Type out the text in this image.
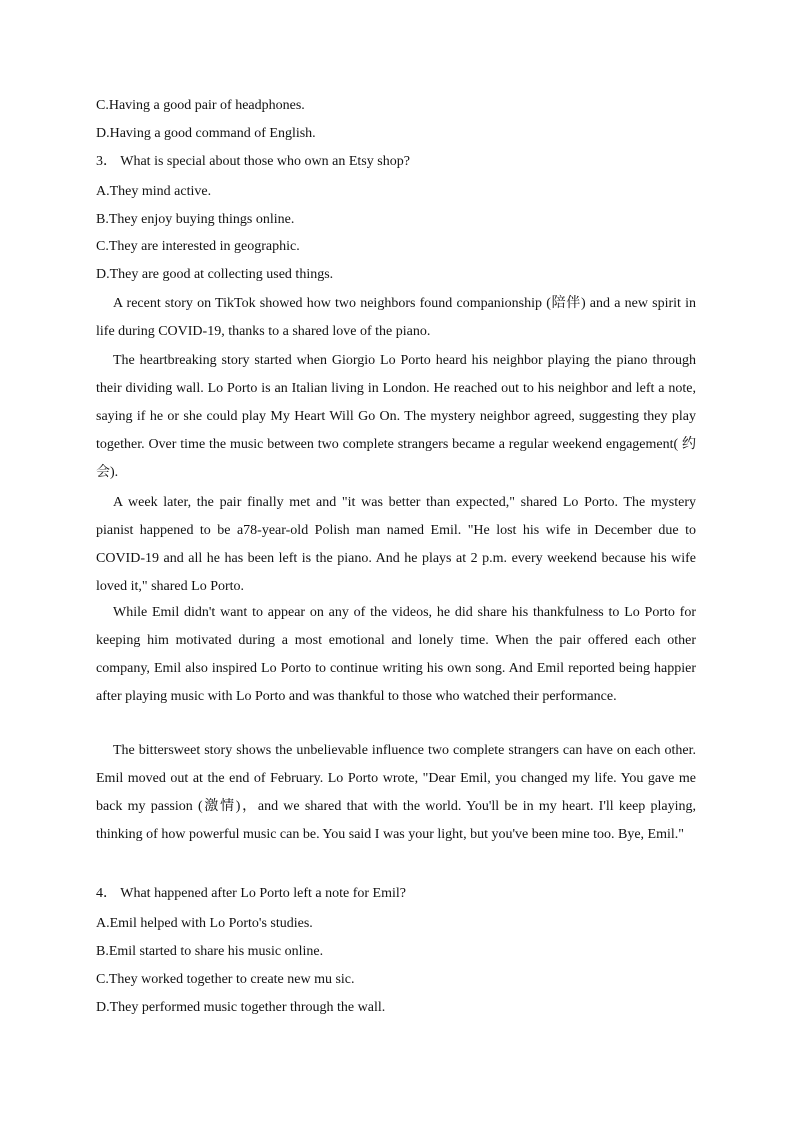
C.Having a good pair of headphones.
D.Having a good command of English.
3． What is special about those who own an Etsy shop?
A.They mind active.
B.They enjoy buying things online.
C.They are interested in geographic.
D.They are good at collecting used things.
A recent story on TikTok showed how two neighbors found companionship (陪伴) and a new spirit in life during COVID-19, thanks to a shared love of the piano.
The heartbreaking story started when Giorgio Lo Porto heard his neighbor playing the piano through their dividing wall. Lo Porto is an Italian living in London. He reached out to his neighbor and left a note, saying if he or she could play My Heart Will Go On. The mystery neighbor agreed, suggesting they play together. Over time the music between two complete strangers became a regular weekend engagement( 约会).
A week later, the pair finally met and "it was better than expected," shared Lo Porto. The mystery pianist happened to be a78-year-old Polish man named Emil. "He lost his wife in December due to COVID-19 and all he has been left is the piano. And he plays at 2 p.m. every weekend because his wife loved it," shared Lo Porto.
While Emil didn't want to appear on any of the videos, he did share his thankfulness to Lo Porto for keeping him motivated during a most emotional and lonely time. When the pair offered each other company, Emil also inspired Lo Porto to continue writing his own song. And Emil reported being happier after playing music with Lo Porto and was thankful to those who watched their performance.
The bittersweet story shows the unbelievable influence two complete strangers can have on each other. Emil moved out at the end of February. Lo Porto wrote, "Dear Emil, you changed my life. You gave me back my passion (激情)，and we shared that with the world. You'll be in my heart. I'll keep playing, thinking of how powerful music can be. You said I was your light, but you've been mine too. Bye, Emil."
4． What happened after Lo Porto left a note for Emil?
A.Emil helped with Lo Porto's studies.
B.Emil started to share his music online.
C.They worked together to create new mu sic.
D.They performed music together through the wall.
